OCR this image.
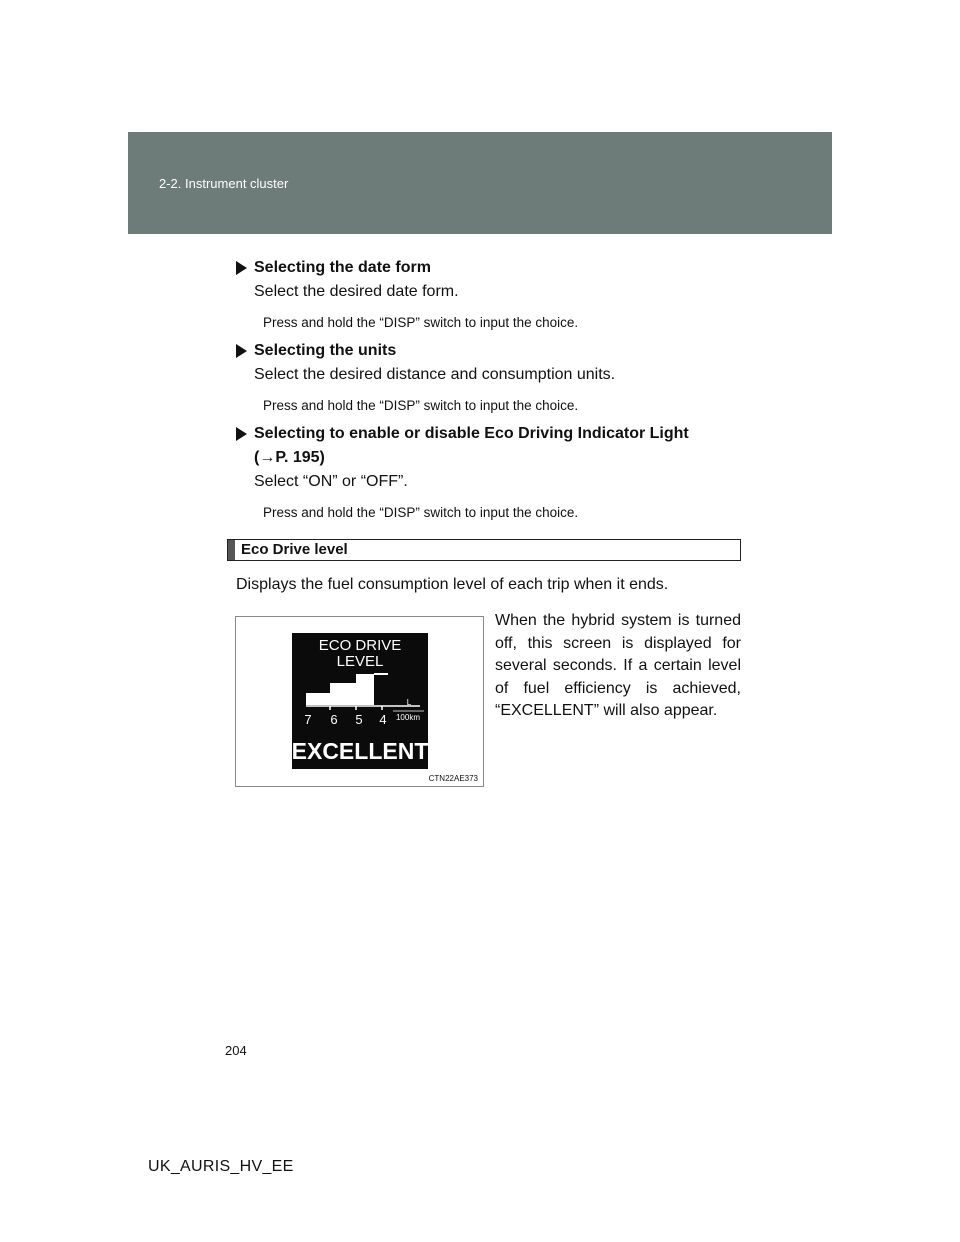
2-2. Instrument cluster
Selecting the date form
Select the desired date form.
Press and hold the “DISP” switch to input the choice.
Selecting the units
Select the desired distance and consumption units.
Press and hold the “DISP” switch to input the choice.
Selecting to enable or disable Eco Driving Indicator Light
(→P. 195)
Select “ON” or “OFF”.
Press and hold the “DISP” switch to input the choice.
Eco Drive level
Displays the fuel consumption level of each trip when it ends.
ECO DRIVE
LEVEL
7 6 5 4
L
100km
EXCELLENT
CTN22AE373
When the hybrid system is turned off, this screen is displayed for several seconds. If a certain level of fuel efficiency is achieved, “EXCELLENT” will also appear.
204
UK_AURIS_HV_EE
